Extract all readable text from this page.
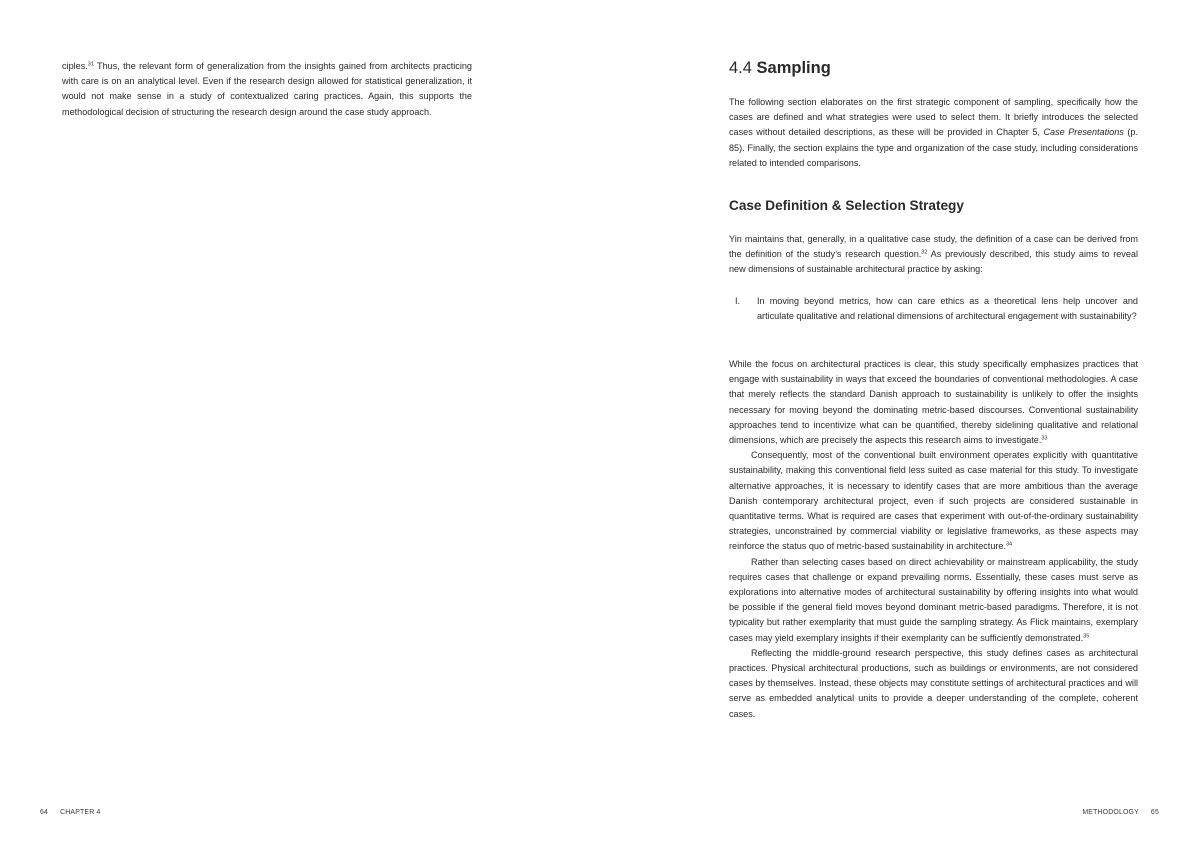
ciples.$^{31}$ Thus, the relevant form of generalization from the insights gained from architects practicing with care is on an analytical level. Even if the research design allowed for statistical generalization, it would not make sense in a study of contextualized caring practices. Again, this supports the methodological decision of structuring the research design around the case study approach.

64 CHAPTER 4
4.4 Sampling

The following section elaborates on the first strategic component of sampling, specifically how the cases are defined and what strategies were used to select them. It briefly introduces the selected cases without detailed descriptions, as these will be provided in Chapter 5, Case Presentations (p. 85). Finally, the section explains the type and organization of the case study, including considerations related to intended comparisons.

Case Definition & Selection Strategy

Yin maintains that, generally, in a qualitative case study, the definition of a case can be derived from the definition of the study’s research question.$^{32}$ As previously described, this study aims to reveal new dimensions of sustainable architectural practice by asking:

I.	In moving beyond metrics, how can care ethics as a theoretical lens help uncover and articulate qualitative and relational dimensions of architectural engagement with sustainability?

While the focus on architectural practices is clear, this study specifically emphasizes practices that engage with sustainability in ways that exceed the boundaries of conventional methodologies. A case that merely reflects the standard Danish approach to sustainability is unlikely to offer the insights necessary for moving beyond the dominating metric-based discourses. Conventional sustainability approaches tend to incentivize what can be quantified, thereby sidelining qualitative and relational dimensions, which are precisely the aspects this research aims to investigate.$^{33}$

Consequently, most of the conventional built environment operates explicitly with quantitative sustainability, making this conventional field less suited as case material for this study. To investigate alternative approaches, it is necessary to identify cases that are more ambitious than the average Danish contemporary architectural project, even if such projects are considered sustainable in quantitative terms. What is required are cases that experiment with out-of-the-ordinary sustainability strategies, unconstrained by commercial viability or legislative frameworks, as these aspects may reinforce the status quo of metric-based sustainability in architecture.$^{34}$

Rather than selecting cases based on direct achievability or mainstream applicability, the study requires cases that challenge or expand prevailing norms. Essentially, these cases must serve as explorations into alternative modes of architectural sustainability by offering insights into what would be possible if the general field moves beyond dominant metric-based paradigms. Therefore, it is not typicality but rather exemplarity that must guide the sampling strategy. As Flick maintains, exemplary cases may yield exemplary insights if their exemplarity can be sufficiently demonstrated.$^{35}$

Reflecting the middle-ground research perspective, this study defines cases as architectural practices. Physical architectural productions, such as buildings or environments, are not considered cases by themselves. Instead, these objects may constitute settings of architectural practices and will serve as embedded analytical units to provide a deeper understanding of the complete, coherent cases.

METHODOLOGY 65
